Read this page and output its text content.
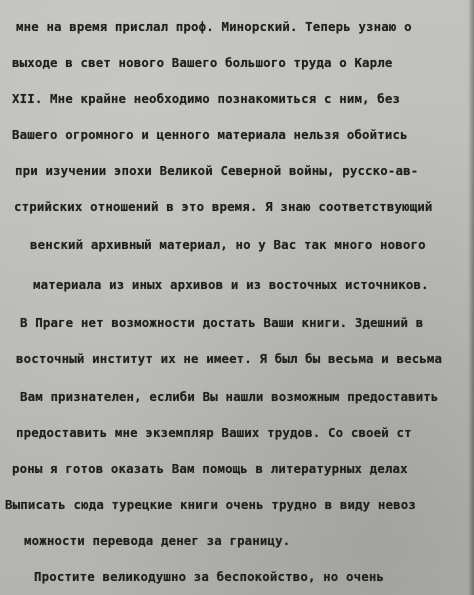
мне на время прислал проф. Минорский. Теперь узнаю о
выходе в свет нового Вашего большого труда о Карле
XII. Мне крайне необходимо познакомиться с ним, без
Вашего огромного и ценного материала нельзя обойтись
при изучении эпохи Великой Северной войны, русско-ав-
стрийских отношений в это время. Я знаю соответствующий
венский архивный материал, но у Вас так много нового
материала из иных архивов и из восточных источников.
В Праге нет возможности достать Ваши книги. Здешний в
восточный институт их не имеет. Я был бы весьма и весьма
Вам признателен, еслиби Вы нашли возможным предоставить
предоставить мне экземпляр Ваших трудов. Со своей ст
роны я готов оказать Вам помощь в литературных делах
Выписать сюда турецкие книги очень трудно в виду невоз
можности перевода денег за границу.
Простите великодушно за беспокойство, но очень
